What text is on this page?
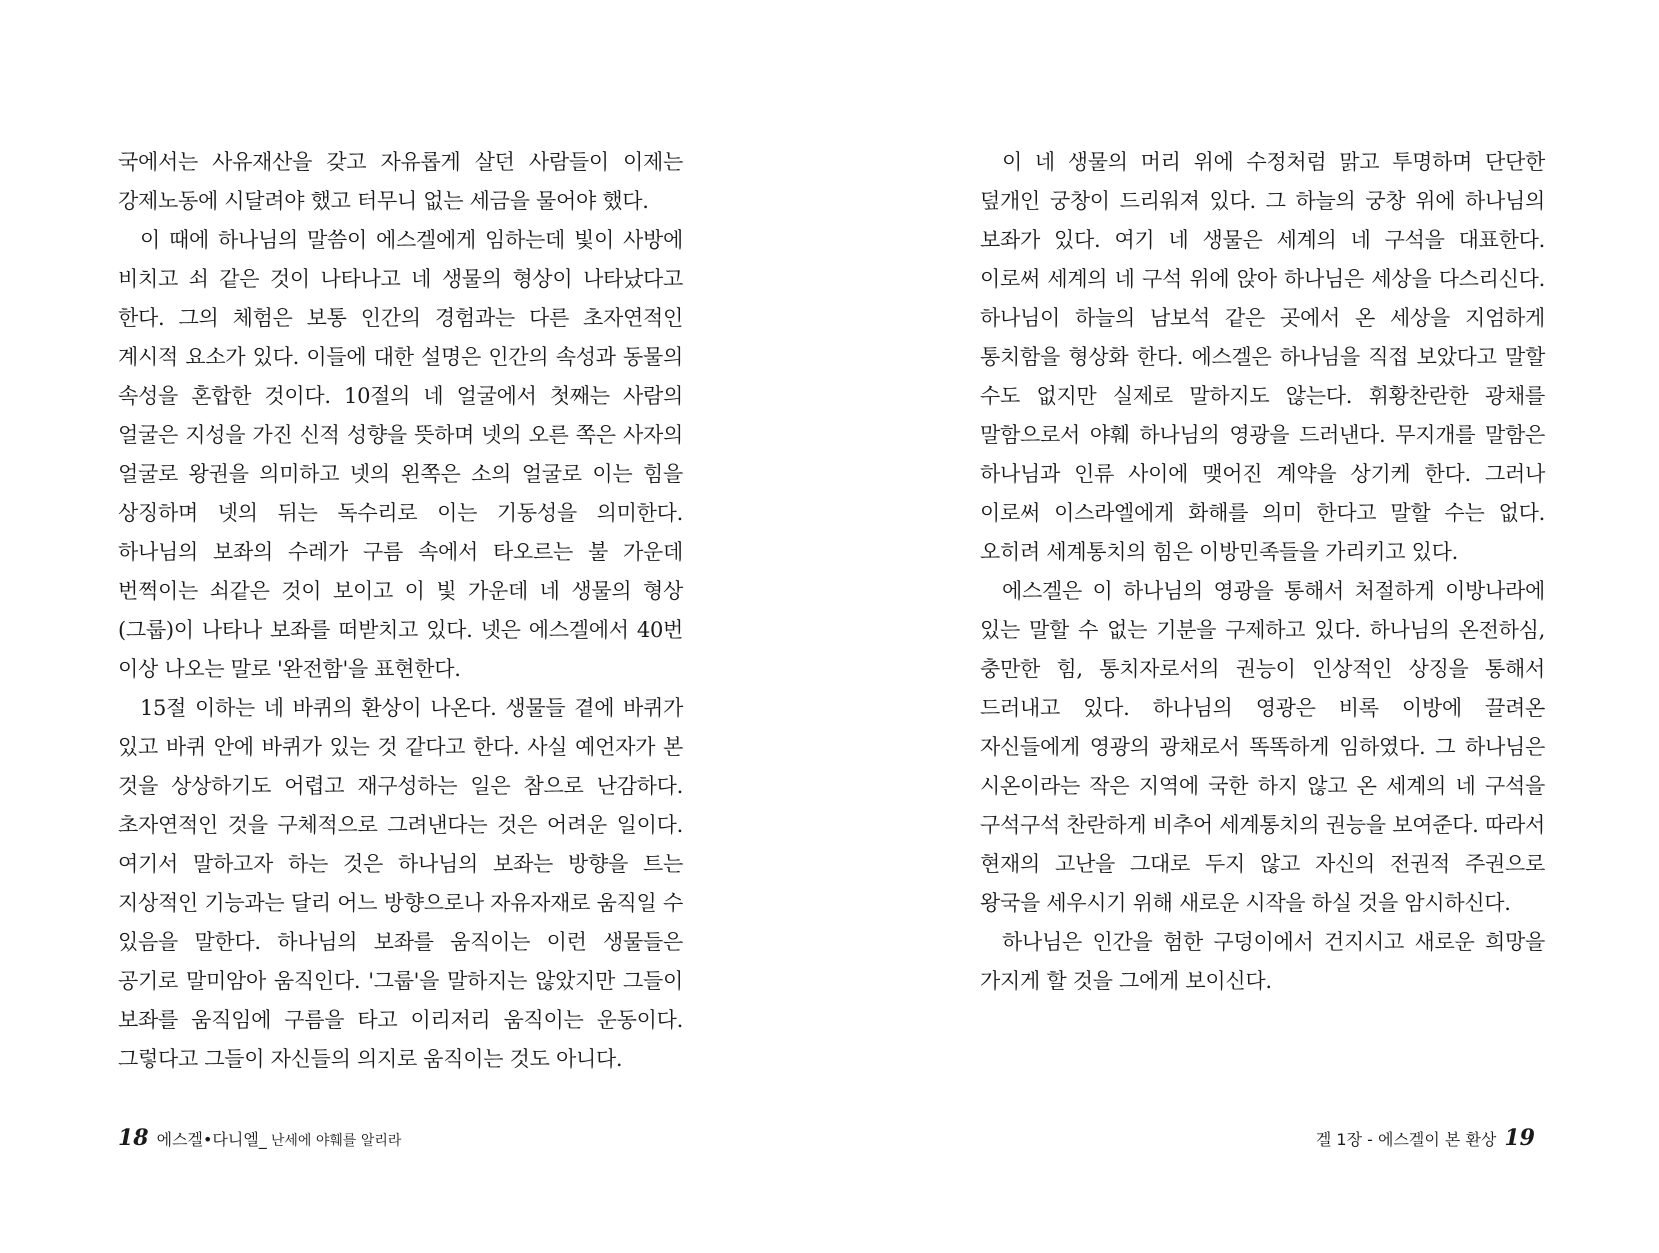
국에서는 사유재산을 갖고 자유롭게 살던 사람들이 이제는 강제노동에 시달려야 했고 터무니 없는 세금을 물어야 했다.

이 때에 하나님의 말씀이 에스겔에게 임하는데 빛이 사방에 비치고 쇠 같은 것이 나타나고 네 생물의 형상이 나타났다고 한다. 그의 체험은 보통 인간의 경험과는 다른 초자연적인 계시적 요소가 있다. 이들에 대한 설명은 인간의 속성과 동물의 속성을 혼합한 것이다. 10절의 네 얼굴에서 첫째는 사람의 얼굴은 지성을 가진 신적 성향을 뜻하며 넷의 오른 쪽은 사자의 얼굴로 왕권을 의미하고 넷의 왼쪽은 소의 얼굴로 이는 힘을 상징하며 넷의 뒤는 독수리로 이는 기동성을 의미한다. 하나님의 보좌의 수레가 구름 속에서 타오르는 불 가운데 번쩍이는 쇠같은 것이 보이고 이 빛 가운데 네 생물의 형상(그룹)이 나타나 보좌를 떠받치고 있다. 넷은 에스겔에서 40번 이상 나오는 말로 '완전함'을 표현한다.

15절 이하는 네 바퀴의 환상이 나온다. 생물들 곁에 바퀴가 있고 바퀴 안에 바퀴가 있는 것 같다고 한다. 사실 예언자가 본 것을 상상하기도 어렵고 재구성하는 일은 참으로 난감하다. 초자연적인 것을 구체적으로 그려낸다는 것은 어려운 일이다. 여기서 말하고자 하는 것은 하나님의 보좌는 방향을 트는 지상적인 기능과는 달리 어느 방향으로나 자유자재로 움직일 수 있음을 말한다. 하나님의 보좌를 움직이는 이런 생물들은 공기로 말미암아 움직인다. '그룹'을 말하지는 않았지만 그들이 보좌를 움직임에 구름을 타고 이리저리 움직이는 운동이다. 그렇다고 그들이 자신들의 의지로 움직이는 것도 아니다.

18 에스겔•다니엘_ 난세에 야훼를 알리라

이 네 생물의 머리 위에 수정처럼 맑고 투명하며 단단한 덮개인 궁창이 드리워져 있다. 그 하늘의 궁창 위에 하나님의 보좌가 있다. 여기 네 생물은 세계의 네 구석을 대표한다. 이로써 세계의 네 구석 위에 앉아 하나님은 세상을 다스리신다. 하나님이 하늘의 남보석 같은 곳에서 온 세상을 지엄하게 통치함을 형상화 한다. 에스겔은 하나님을 직접 보았다고 말할 수도 없지만 실제로 말하지도 않는다. 휘황찬란한 광채를 말함으로서 야훼 하나님의 영광을 드러낸다. 무지개를 말함은 하나님과 인류 사이에 맺어진 계약을 상기케 한다. 그러나 이로써 이스라엘에게 화해를 의미 한다고 말할 수는 없다. 오히려 세계통치의 힘은 이방민족들을 가리키고 있다.

에스겔은 이 하나님의 영광을 통해서 처절하게 이방나라에 있는 말할 수 없는 기분을 구제하고 있다. 하나님의 온전하심, 충만한 힘, 통치자로서의 권능이 인상적인 상징을 통해서 드러내고 있다. 하나님의 영광은 비록 이방에 끌려온 자신들에게 영광의 광채로서 똑똑하게 임하였다. 그 하나님은 시온이라는 작은 지역에 국한 하지 않고 온 세계의 네 구석을 구석구석 찬란하게 비추어 세계통치의 권능을 보여준다. 따라서 현재의 고난을 그대로 두지 않고 자신의 전권적 주권으로 왕국을 세우시기 위해 새로운 시작을 하실 것을 암시하신다.

하나님은 인간을 험한 구덩이에서 건지시고 새로운 희망을 가지게 할 것을 그에게 보이신다.

겔 1장 - 에스겔이 본 환상 19
